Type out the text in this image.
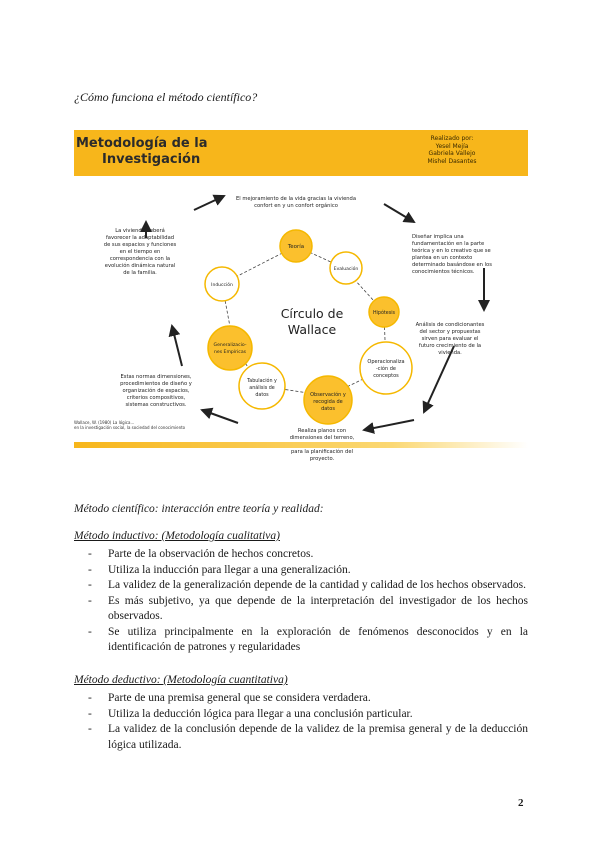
¿Cómo funciona el método científico?
Metodología de la
Investigación
Realizado por:
Yesel Mejía
Gabriela Vallejo
Mishel Dasantes
Teoría
Evaluación
Hipótesis
Operacionaliza
-ción de
conceptos
Observación y
recogida de
datos
Tabulación y
análisis de
datos
Generalizacio-
nes Empíricas
Inducción
Círculo de
Wallace
El mejoramiento de la vida gracias la vivienda
confort en y un confort orgánico
Diseñar implica una
fundamentación en la parte
teórica y en lo creativo que se
plantea en un contexto
determinado basándose en los
conocimientos técnicos.
Análisis de condicionantes
del sector y propuestas
sirven para evaluar el
futuro crecimiento de la
vivienda.
Realiza planos con
dimensiones del terreno,
para la planificación del
proyecto.
Estas normas dimensiones,
procedimientos de diseño y
organización de espacios,
criterios compositivos,
sistemas constructivos.
La vivienda deberá
favorecer la adaptabilidad
de sus espacios y funciones
en el tiempo en
correspondencia con la
evolución dinámica natural
de la familia.
Wallace, W. (1980) La lógica...
en la investigación social, la sociedad del conocimiento
Método científico: interacción entre teoría y realidad:
Método inductivo: (Metodología cualitativa)
- Parte de la observación de hechos concretos.
- Utiliza la inducción para llegar a una generalización.
- La validez de la generalización depende de la cantidad y calidad de los hechos observados.
- Es más subjetivo, ya que depende de la interpretación del investigador de los hechos observados.
- Se utiliza principalmente en la exploración de fenómenos desconocidos y en la identificación de patrones y regularidades
Método deductivo: (Metodología cuantitativa)
- Parte de una premisa general que se considera verdadera.
- Utiliza la deducción lógica para llegar a una conclusión particular.
- La validez de la conclusión depende de la validez de la premisa general y de la deducción lógica utilizada.
2
